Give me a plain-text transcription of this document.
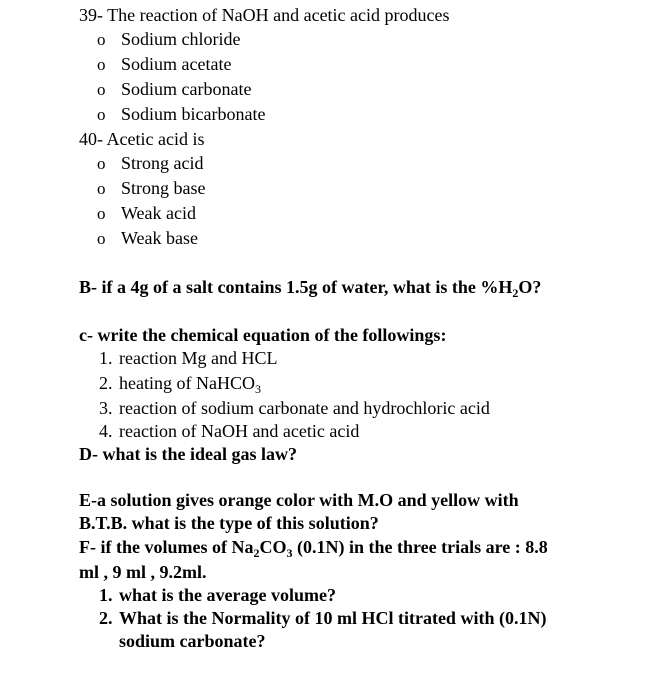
39- The reaction of NaOH and acetic acid produces
o Sodium chloride
o Sodium acetate
o Sodium carbonate
o Sodium bicarbonate
40- Acetic acid is
o Strong acid
o Strong base
o Weak acid
o Weak base
B- if a 4g of a salt contains 1.5g of water, what is the $\%H_2O$?
c- write the chemical equation of the followings:
1. reaction Mg and HCL
2. heating of NaHCO$_3$
3. reaction of sodium carbonate and hydrochloric acid
4. reaction of NaOH and acetic acid
D- what is the ideal gas law?
E-a solution gives orange color with M.O and yellow with
B.T.B. what is the type of this solution?
F- if the volumes of $Na_2CO_3$ (0.1N) in the three trials are : 8.8
ml , 9 ml , 9.2ml.
1. what is the average volume?
2. What is the Normality of 10 ml HCl titrated with (0.1N)
sodium carbonate?
